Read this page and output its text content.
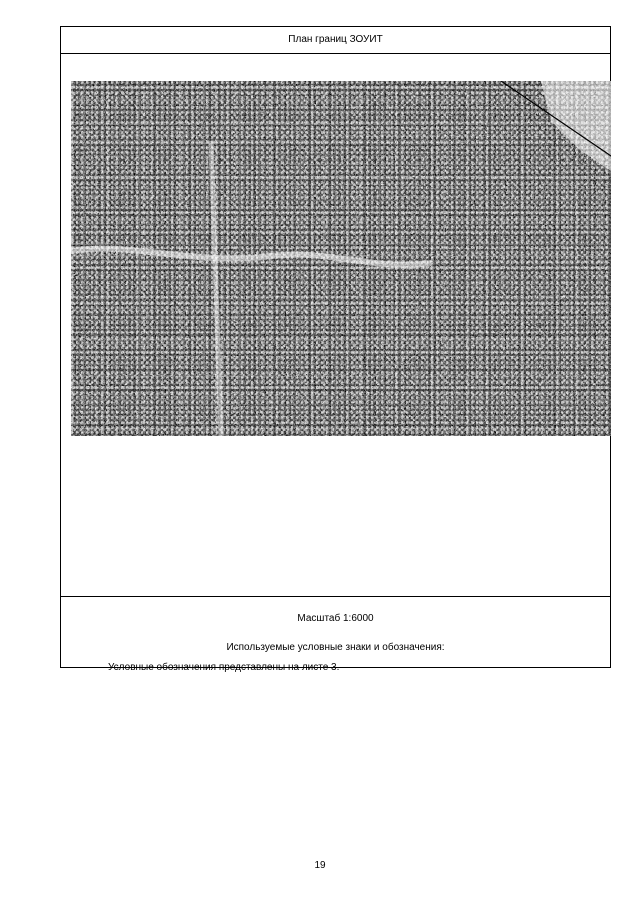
План границ ЗОУИТ
Масштаб 1:6000
Используемые условные знаки и обозначения:
Условные обозначения представлены на листе 3.
19
